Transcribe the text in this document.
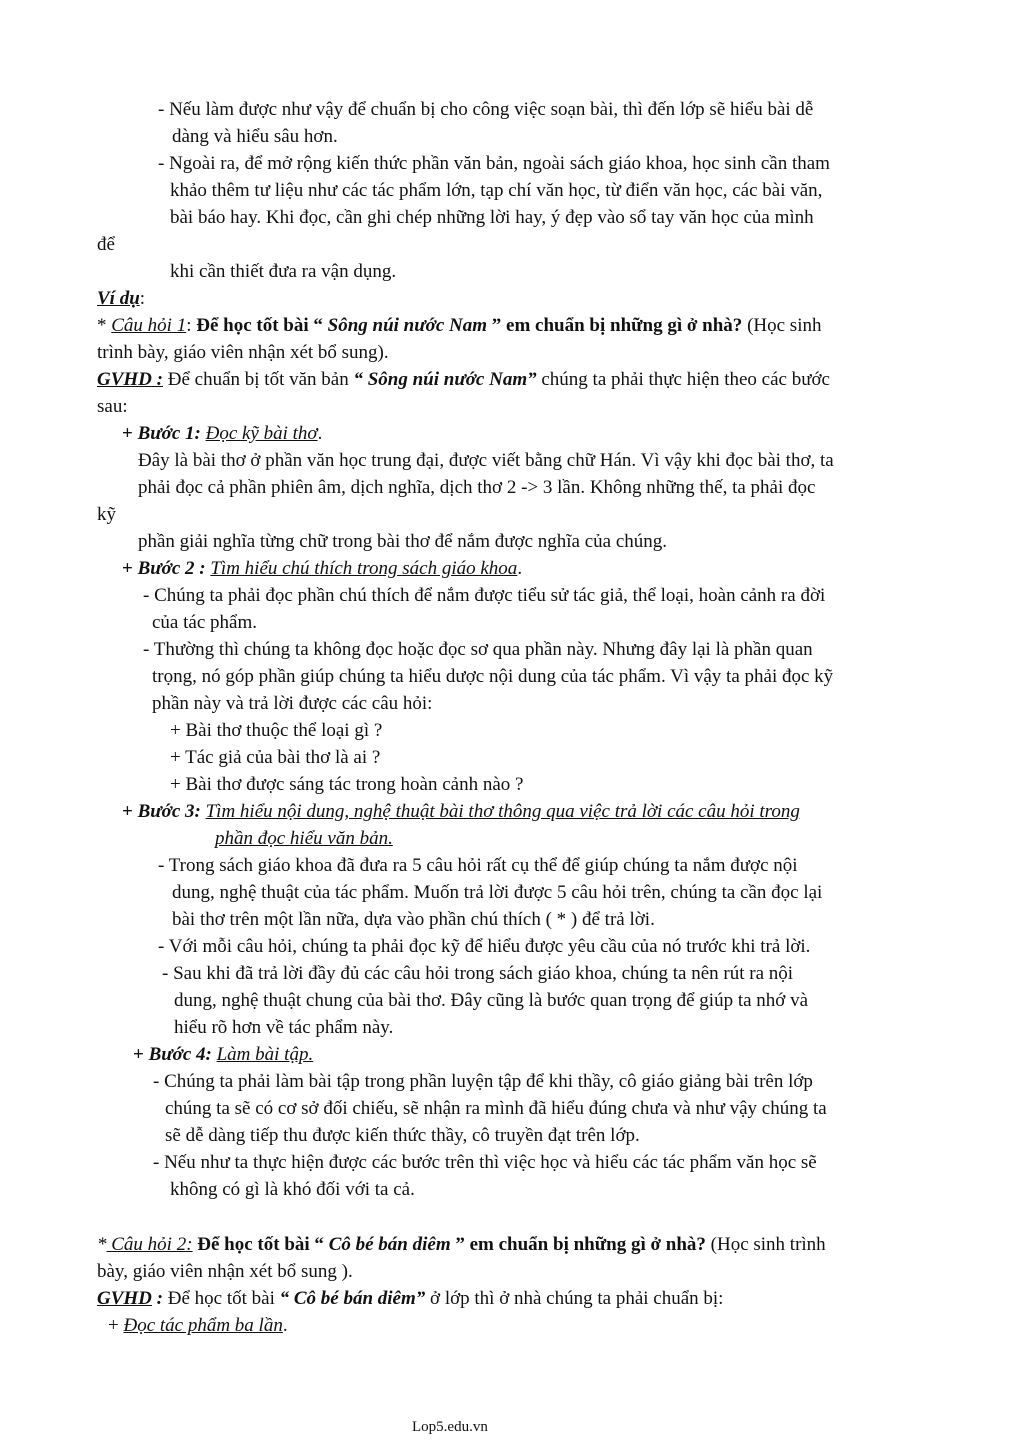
- Nếu làm được như vậy để chuẩn bị cho công việc soạn bài, thì đến lớp sẽ hiểu bài dễ
dàng và hiểu sâu hơn.
- Ngoài ra, để mở rộng kiến thức phần văn bản, ngoài sách giáo khoa, học sinh cần tham
khảo thêm tư liệu như các tác phẩm lớn, tạp chí văn học, từ điển văn học, các bài văn,
bài báo hay. Khi đọc, cần ghi chép những lời hay, ý đẹp vào sổ tay văn học của mình
để
khi cần thiết đưa ra vận dụng.
Ví dụ:
* Câu hỏi 1: Để học tốt bài “ Sông núi nước Nam ” em chuẩn bị những gì ở nhà? (Học sinh
trình bày, giáo viên nhận xét bổ sung).
GVHD : Để chuẩn bị tốt văn bản “ Sông núi nước Nam” chúng ta phải thực hiện theo các bước
sau:
+ Bước 1: Đọc kỹ bài thơ.
Đây là bài thơ ở phần văn học trung đại, được viết bằng chữ Hán. Vì vậy khi đọc bài thơ, ta
phải đọc cả phần phiên âm, dịch nghĩa, dịch thơ 2 -> 3 lần. Không những thế, ta phải đọc
kỹ
phần giải nghĩa từng chữ trong bài thơ để nắm được nghĩa của chúng.
+ Bước 2 : Tìm hiểu chú thích trong sách giáo khoa.
- Chúng ta phải đọc phần chú thích để nắm được tiểu sử tác giả, thể loại, hoàn cảnh ra đời
của tác phẩm.
- Thường thì chúng ta không đọc hoặc đọc sơ qua phần này. Nhưng đây lại là phần quan
trọng, nó góp phần giúp chúng ta hiểu dược nội dung của tác phẩm. Vì vậy ta phải đọc kỹ
phần này và trả lời được các câu hỏi:
+ Bài thơ thuộc thể loại gì ?
+ Tác giả của bài thơ là ai ?
+ Bài thơ được sáng tác trong hoàn cảnh nào ?
+ Bước 3: Tìm hiểu nội dung, nghệ thuật bài thơ thông qua việc trả lời các câu hỏi trong
phần đọc hiểu văn bản.
- Trong sách giáo khoa đã đưa ra 5 câu hỏi rất cụ thể để giúp chúng ta nắm được nội
dung, nghệ thuật của tác phẩm. Muốn trả lời được 5 câu hỏi trên, chúng ta cần đọc lại
bài thơ trên một lần nữa, dựa vào phần chú thích ( * ) để trả lời.
- Với mỗi câu hỏi, chúng ta phải đọc kỹ để hiểu được yêu cầu của nó trước khi trả lời.
- Sau khi đã trả lời đầy đủ các câu hỏi trong sách giáo khoa, chúng ta nên rút ra nội
dung, nghệ thuật chung của bài thơ. Đây cũng là bước quan trọng để giúp ta nhớ và
hiểu rõ hơn về tác phẩm này.
+ Bước 4: Làm bài tập.
- Chúng ta phải làm bài tập trong phần luyện tập để khi thầy, cô giáo giảng bài trên lớp
chúng ta sẽ có cơ sở đối chiếu, sẽ nhận ra mình đã hiểu đúng chưa và như vậy chúng ta
sẽ dễ dàng tiếp thu được kiến thức thầy, cô truyền đạt trên lớp.
- Nếu như ta thực hiện được các bước trên thì việc học và hiểu các tác phẩm văn học sẽ
không có gì là khó đối với ta cả.
* Câu hỏi 2: Để học tốt bài “ Cô bé bán diêm ” em chuẩn bị những gì ở nhà? (Học sinh trình
bày, giáo viên nhận xét bổ sung ).
GVHD : Để học tốt bài “ Cô bé bán diêm” ở lớp thì ở nhà chúng ta phải chuẩn bị:
+ Đọc tác phẩm ba lần.
Lop5.edu.vn
